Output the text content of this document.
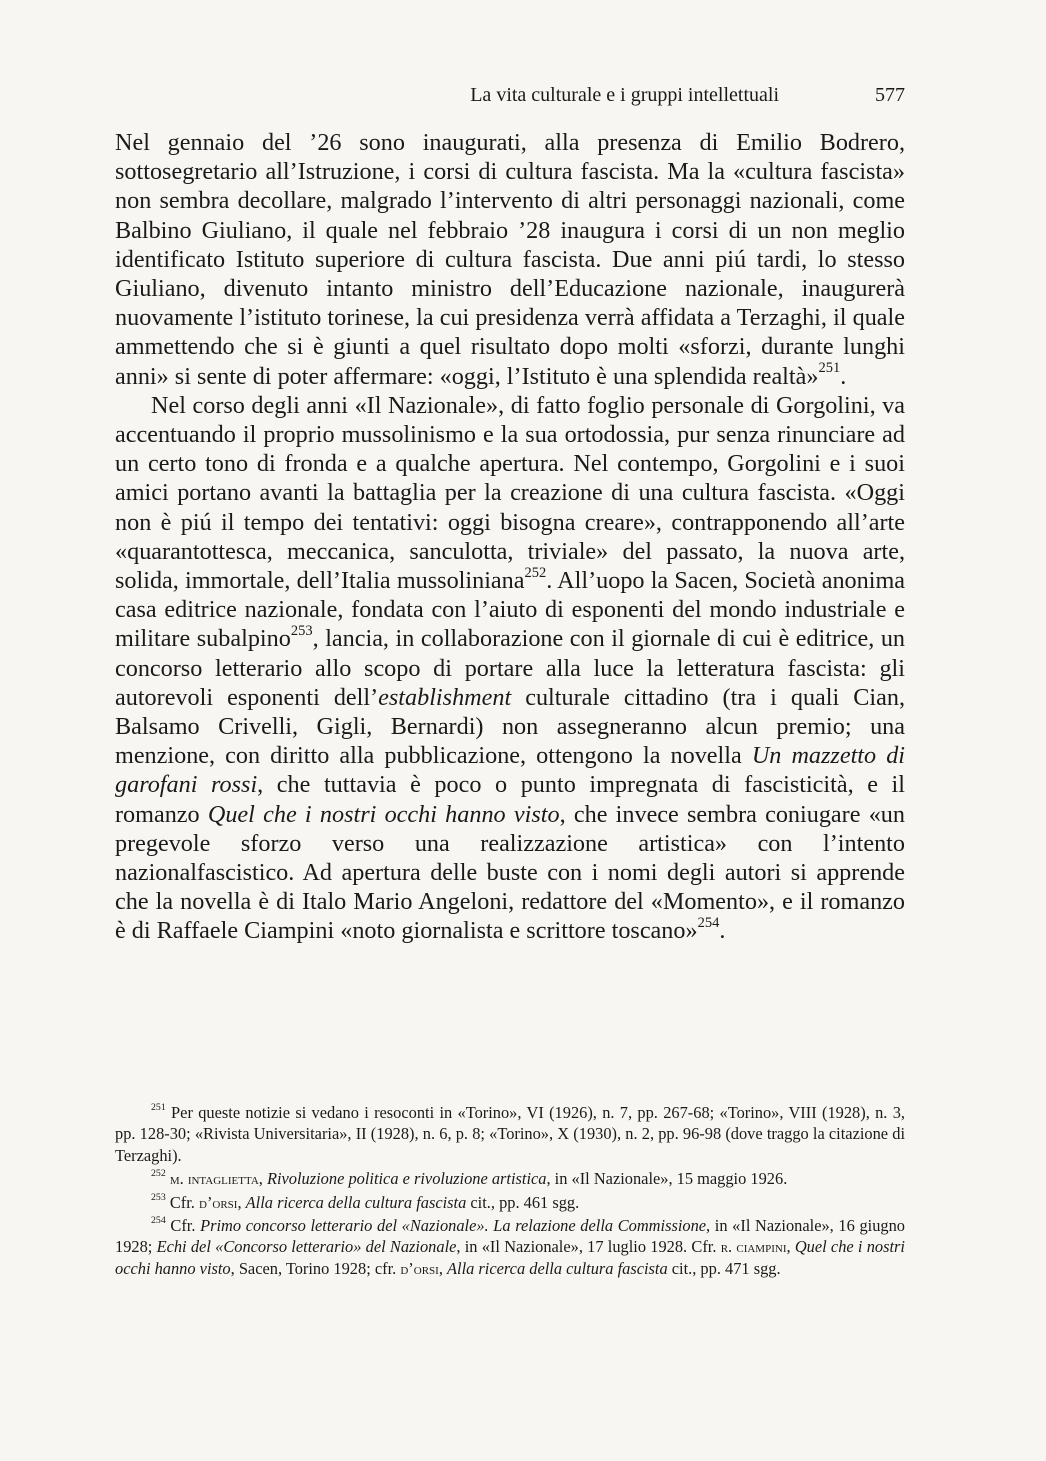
La vita culturale e i gruppi intellettuali	577

Nel gennaio del ’26 sono inaugurati, alla presenza di Emilio Bodrero, sottosegretario all’Istruzione, i corsi di cultura fascista. Ma la «cultura fascista» non sembra decollare, malgrado l’intervento di altri personaggi nazionali, come Balbino Giuliano, il quale nel febbraio ’28 inaugura i corsi di un non meglio identificato Istituto superiore di cultura fascista. Due anni piú tardi, lo stesso Giuliano, divenuto intanto ministro dell’Educazione nazionale, inaugurerà nuovamente l’istituto torinese, la cui presidenza verrà affidata a Terzaghi, il quale ammettendo che si è giunti a quel risultato dopo molti «sforzi, durante lunghi anni» si sente di poter affermare: «oggi, l’Istituto è una splendida realtà»$^{251}$.

Nel corso degli anni «Il Nazionale», di fatto foglio personale di Gorgolini, va accentuando il proprio mussolinismo e la sua ortodossia, pur senza rinunciare ad un certo tono di fronda e a qualche apertura. Nel contempo, Gorgolini e i suoi amici portano avanti la battaglia per la creazione di una cultura fascista. «Oggi non è piú il tempo dei tentativi: oggi bisogna creare», contrapponendo all’arte «quarantottesca, meccanica, sanculotta, triviale» del passato, la nuova arte, solida, immortale, dell’Italia mussoliniana$^{252}$. All’uopo la Sacen, Società anonima casa editrice nazionale, fondata con l’aiuto di esponenti del mondo industriale e militare subalpino$^{253}$, lancia, in collaborazione con il giornale di cui è editrice, un concorso letterario allo scopo di portare alla luce la letteratura fascista: gli autorevoli esponenti dell’establishment culturale cittadino (tra i quali Cian, Balsamo Crivelli, Gigli, Bernardi) non assegneranno alcun premio; una menzione, con diritto alla pubblicazione, ottengono la novella Un mazzetto di garofani rossi, che tuttavia è poco o punto impregnata di fascisticità, e il romanzo Quel che i nostri occhi hanno visto, che invece sembra coniugare «un pregevole sforzo verso una realizzazione artistica» con l’intento nazionalfascistico. Ad apertura delle buste con i nomi degli autori si apprende che la novella è di Italo Mario Angeloni, redattore del «Momento», e il romanzo è di Raffaele Ciampini «noto giornalista e scrittore toscano»$^{254}$.

$^{251}$ Per queste notizie si vedano i resoconti in «Torino», VI (1926), n. 7, pp. 267-68; «Torino», VIII (1928), n. 3, pp. 128-30; «Rivista Universitaria», II (1928), n. 6, p. 8; «Torino», X (1930), n. 2, pp. 96-98 (dove traggo la citazione di Terzaghi).

$^{252}$ m. intaglietta, Rivoluzione politica e rivoluzione artistica, in «Il Nazionale», 15 maggio 1926.

$^{253}$ Cfr. d’orsi, Alla ricerca della cultura fascista cit., pp. 461 sgg.

$^{254}$ Cfr. Primo concorso letterario del «Nazionale». La relazione della Commissione, in «Il Nazionale», 16 giugno 1928; Echi del «Concorso letterario» del Nazionale, in «Il Nazionale», 17 luglio 1928. Cfr. r. ciampini, Quel che i nostri occhi hanno visto, Sacen, Torino 1928; cfr. d’orsi, Alla ricerca della cultura fascista cit., pp. 471 sgg.
